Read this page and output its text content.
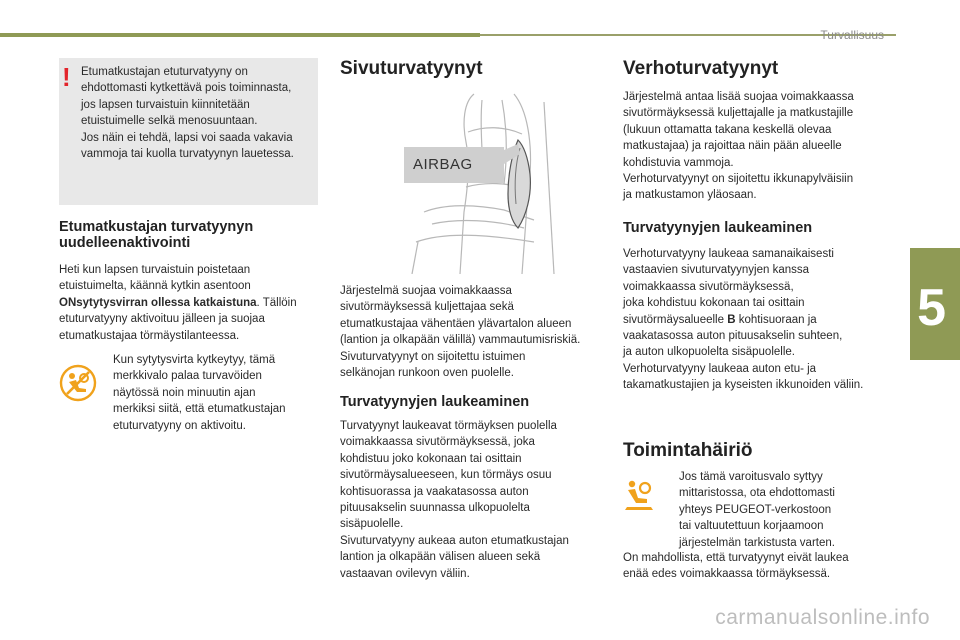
Turvallisuus
5
carmanualsonline.info
! Etumatkustajan etuturvatyyny on
ehdottomasti kytkettävä pois toiminnasta,
jos lapsen turvaistuin kiinnitetään
etuistuimelle selkä menosuuntaan.
Jos näin ei tehdä, lapsi voi saada vakavia
vammoja tai kuolla turvatyynyn lauetessa.
Etumatkustajan turvatyynyn
uudelleenaktivointi
Heti kun lapsen turvaistuin poistetaan
etuistuimelta, käännä kytkin asentoon
ONsytytysvirran ollessa katkaistuna. Tällöin
etuturvatyyny aktivoituu jälleen ja suojaa
etumatkustajaa törmäystilanteessa.
Kun sytytysvirta kytkeytyy, tämä
merkkivalo palaa turvavöiden
näytössä noin minuutin ajan
merkiksi siitä, että etumatkustajan
etuturvatyyny on aktivoitu.
Sivuturvatyynyt
AIRBAG
Järjestelmä suojaa voimakkaassa
sivutörmäyksessä kuljettajaa sekä
etumatkustajaa vähentäen ylävartalon alueen
(lantion ja olkapään välillä) vammautumisriskiä.
Sivuturvatyynyt on sijoitettu istuimen
selkänojan runkoon oven puolelle.
Turvatyynyjen laukeaminen
Turvatyynyt laukeavat törmäyksen puolella
voimakkaassa sivutörmäyksessä, joka
kohdistuu joko kokonaan tai osittain
sivutörmäysalueeseen, kun törmäys osuu
kohtisuorassa ja vaakatasossa auton
pituusakselin suunnassa ulkopuolelta
sisäpuolelle.
Sivuturvatyyny aukeaa auton etumatkustajan
lantion ja olkapään välisen alueen sekä
vastaavan ovilevyn väliin.
Verhoturvatyynyt
Järjestelmä antaa lisää suojaa voimakkaassa
sivutörmäyksessä kuljettajalle ja matkustajille
(lukuun ottamatta takana keskellä olevaa
matkustajaa) ja rajoittaa näin pään alueelle
kohdistuvia vammoja.
Verhoturvatyynyt on sijoitettu ikkunapylväisiin
ja matkustamon yläosaan.
Turvatyynyjen laukeaminen
Verhoturvatyyny laukeaa samanaikaisesti
vastaavien sivuturvatyynyjen kanssa
voimakkaassa sivutörmäyksessä,
joka kohdistuu kokonaan tai osittain
sivutörmäysalueelle B kohtisuoraan ja
vaakatasossa auton pituusakselin suhteen,
ja auton ulkopuolelta sisäpuolelle.
Verhoturvatyyny laukeaa auton etu- ja
takamatkustajien ja kyseisten ikkunoiden väliin.
Toimintahäiriö
Jos tämä varoitusvalo syttyy
mittaristossa, ota ehdottomasti
yhteys PEUGEOT-verkostoon
tai valtuutettuun korjaamoon
järjestelmän tarkistusta varten.
On mahdollista, että turvatyynyt eivät laukea
enää edes voimakkaassa törmäyksessä.
